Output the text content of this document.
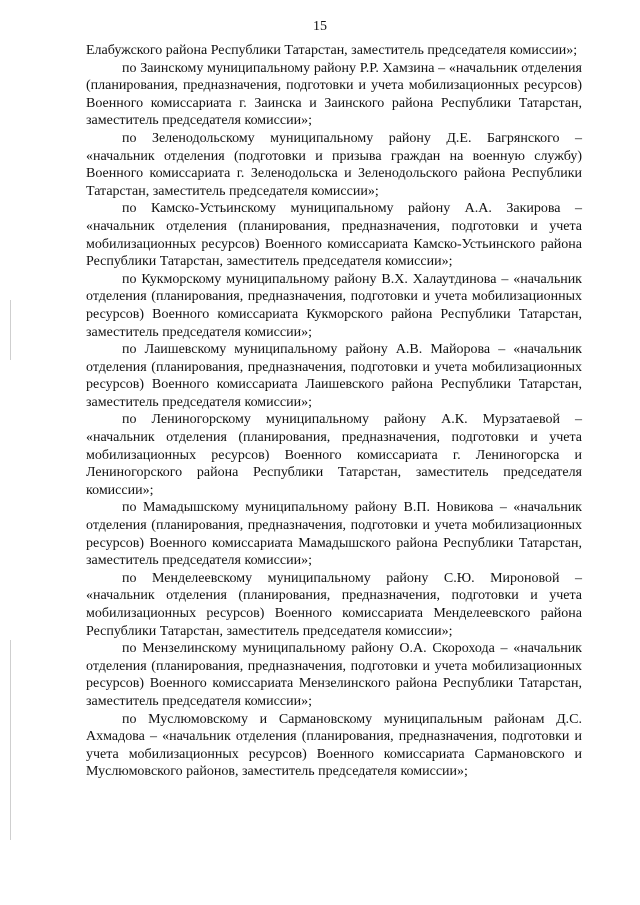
15

Елабужского района Республики Татарстан, заместитель председателя комиссии»;

по Заинскому муниципальному району Р.Р. Хамзина – «начальник отделения (планирования, предназначения, подготовки и учета мобилизационных ресурсов) Военного комиссариата г. Заинска и Заинского района Республики Татарстан, заместитель председателя комиссии»;

по Зеленодольскому муниципальному району Д.Е. Багрянского – «начальник отделения (подготовки и призыва граждан на военную службу) Военного комиссариата г. Зеленодольска и Зеленодольского района Республики Татарстан, заместитель председателя комиссии»;

по Камско-Устьинскому муниципальному району А.А. Закирова – «начальник отделения (планирования, предназначения, подготовки и учета мобилизационных ресурсов) Военного комиссариата Камско-Устьинского района Республики Татарстан, заместитель председателя комиссии»;

по Кукморскому муниципальному району В.Х. Халаутдинова – «начальник отделения (планирования, предназначения, подготовки и учета мобилизационных ресурсов) Военного комиссариата Кукморского района Республики Татарстан, заместитель председателя комиссии»;

по Лаишевскому муниципальному району А.В. Майорова – «начальник отделения (планирования, предназначения, подготовки и учета мобилизационных ресурсов) Военного комиссариата Лаишевского района Республики Татарстан, заместитель председателя комиссии»;

по Лениногорскому муниципальному району А.К. Мурзатаевой – «начальник отделения (планирования, предназначения, подготовки и учета мобилизационных ресурсов) Военного комиссариата г. Лениногорска и Лениногорского района Республики Татарстан, заместитель председателя комиссии»;

по Мамадышскому муниципальному району В.П. Новикова – «начальник отделения (планирования, предназначения, подготовки и учета мобилизационных ресурсов) Военного комиссариата Мамадышского района Республики Татарстан, заместитель председателя комиссии»;

по Менделеевскому муниципальному району С.Ю. Мироновой – «начальник отделения (планирования, предназначения, подготовки и учета мобилизационных ресурсов) Военного комиссариата Менделеевского района Республики Татарстан, заместитель председателя комиссии»;

по Мензелинскому муниципальному району О.А. Скорохода – «начальник отделения (планирования, предназначения, подготовки и учета мобилизационных ресурсов) Военного комиссариата Мензелинского района Республики Татарстан, заместитель председателя комиссии»;

по Муслюмовскому и Сармановскому муниципальным районам Д.С. Ахмадова – «начальник отделения (планирования, предназначения, подготовки и учета мобилизационных ресурсов) Военного комиссариата Сармановского и Муслюмовского районов, заместитель председателя комиссии»;
